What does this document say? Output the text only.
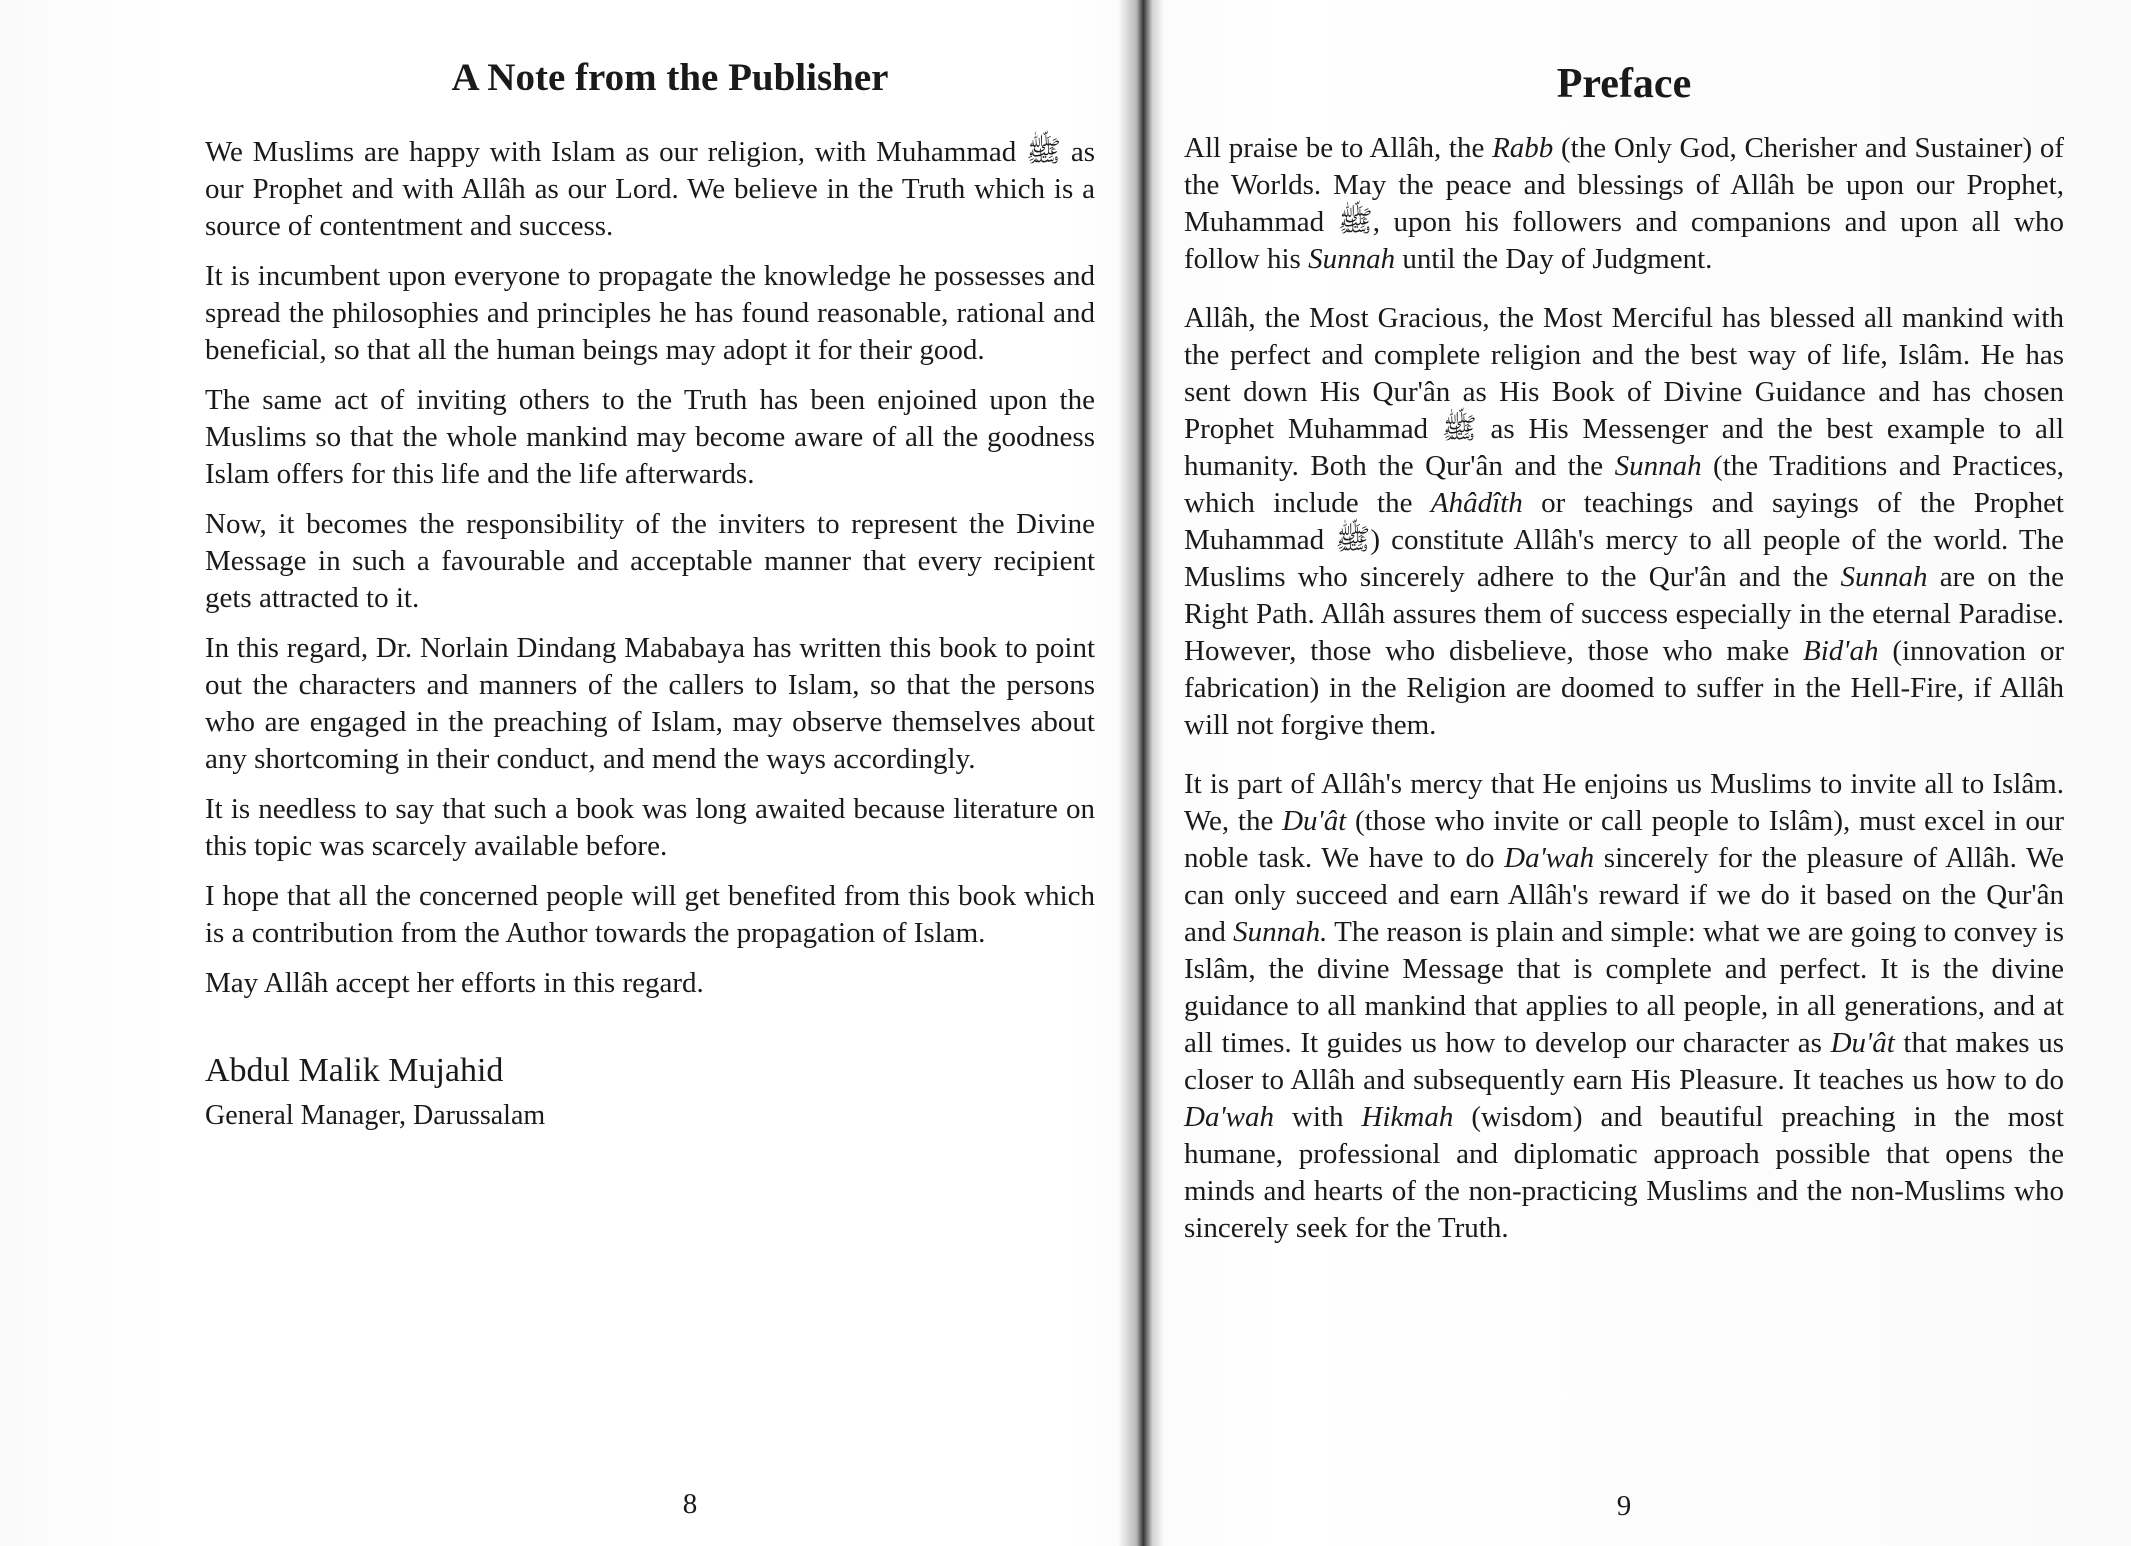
A Note from the Publisher

We Muslims are happy with Islam as our religion, with Muhammad ﷺ as our Prophet and with Allâh as our Lord. We believe in the Truth which is a source of contentment and success.

It is incumbent upon everyone to propagate the knowledge he possesses and spread the philosophies and principles he has found reasonable, rational and beneficial, so that all the human beings may adopt it for their good.

The same act of inviting others to the Truth has been enjoined upon the Muslims so that the whole mankind may become aware of all the goodness Islam offers for this life and the life afterwards.

Now, it becomes the responsibility of the inviters to represent the Divine Message in such a favourable and acceptable manner that every recipient gets attracted to it.

In this regard, Dr. Norlain Dindang Mababaya has written this book to point out the characters and manners of the callers to Islam, so that the persons who are engaged in the preaching of Islam, may observe themselves about any shortcoming in their conduct, and mend the ways accordingly.

It is needless to say that such a book was long awaited because literature on this topic was scarcely available before.

I hope that all the concerned people will get benefited from this book which is a contribution from the Author towards the propagation of Islam.

May Allâh accept her efforts in this regard.

Abdul Malik Mujahid

General Manager, Darussalam

8
Preface

All praise be to Allâh, the Rabb (the Only God, Cherisher and Sustainer) of the Worlds. May the peace and blessings of Allâh be upon our Prophet, Muhammad ﷺ, upon his followers and companions and upon all who follow his Sunnah until the Day of Judgment.

Allâh, the Most Gracious, the Most Merciful has blessed all mankind with the perfect and complete religion and the best way of life, Islâm. He has sent down His Qur'ân as His Book of Divine Guidance and has chosen Prophet Muhammad ﷺ as His Messenger and the best example to all humanity. Both the Qur'ân and the Sunnah (the Traditions and Practices, which include the Ahâdîth or teachings and sayings of the Prophet Muhammad ﷺ) constitute Allâh's mercy to all people of the world. The Muslims who sincerely adhere to the Qur'ân and the Sunnah are on the Right Path. Allâh assures them of success especially in the eternal Paradise. However, those who disbelieve, those who make Bid'ah (innovation or fabrication) in the Religion are doomed to suffer in the Hell-Fire, if Allâh will not forgive them.

It is part of Allâh's mercy that He enjoins us Muslims to invite all to Islâm. We, the Du'ât (those who invite or call people to Islâm), must excel in our noble task. We have to do Da'wah sincerely for the pleasure of Allâh. We can only succeed and earn Allâh's reward if we do it based on the Qur'ân and Sunnah. The reason is plain and simple: what we are going to convey is Islâm, the divine Message that is complete and perfect. It is the divine guidance to all mankind that applies to all people, in all generations, and at all times. It guides us how to develop our character as Du'ât that makes us closer to Allâh and subsequently earn His Pleasure. It teaches us how to do Da'wah with Hikmah (wisdom) and beautiful preaching in the most humane, professional and diplomatic approach possible that opens the minds and hearts of the non-practicing Muslims and the non-Muslims who sincerely seek for the Truth.

9
